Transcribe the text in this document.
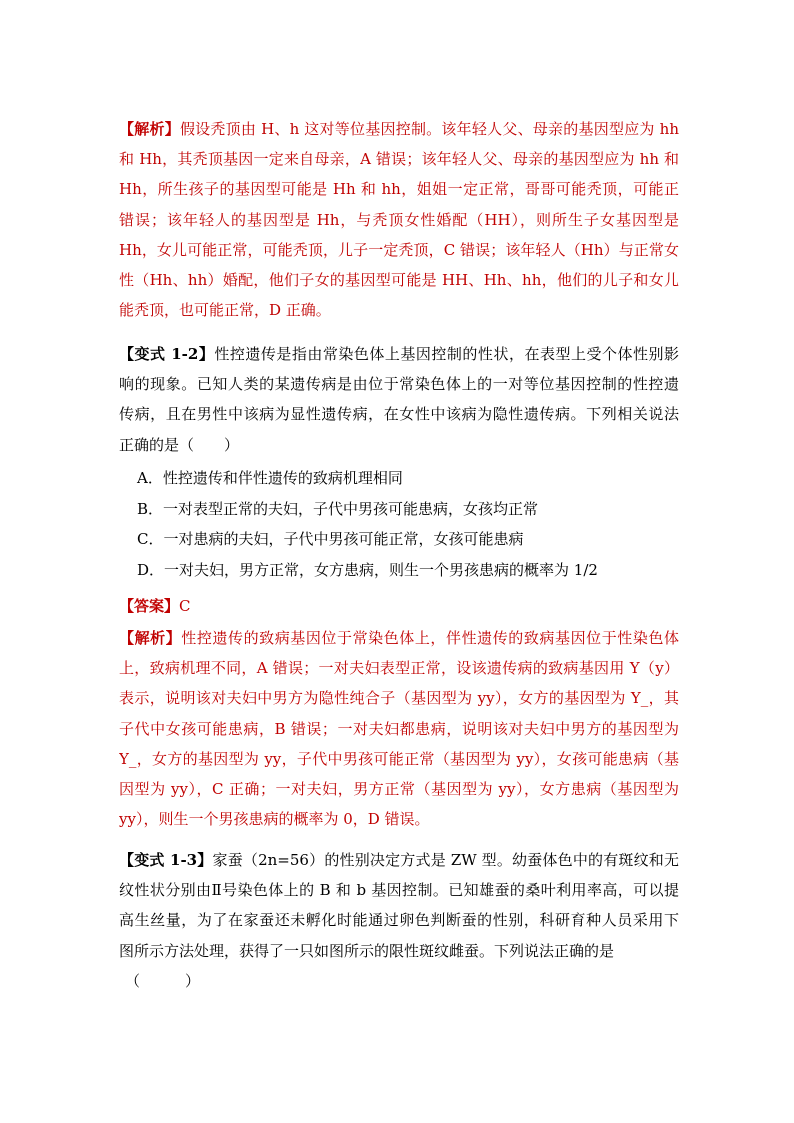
【解析】假设秃顶由 H、h 这对等位基因控制。该年轻人父、母亲的基因型应为 hh
和 Hh，其秃顶基因一定来自母亲，A 错误；该年轻人父、母亲的基因型应为 hh 和
Hh，所生孩子的基因型可能是 Hh 和 hh，姐姐一定正常，哥哥可能秃顶，可能正
错误；该年轻人的基因型是 Hh，与秃顶女性婚配（HH），则所生子女基因型是
Hh，女儿可能正常，可能秃顶，儿子一定秃顶，C 错误；该年轻人（Hh）与正常女
性（Hh、hh）婚配，他们子女的基因型可能是 HH、Hh、hh，他们的儿子和女儿
能秃顶，也可能正常，D 正确。
【变式 1-2】性控遗传是指由常染色体上基因控制的性状，在表型上受个体性别影
响的现象。已知人类的某遗传病是由位于常染色体上的一对等位基因控制的性控遗
传病，且在男性中该病为显性遗传病，在女性中该病为隐性遗传病。下列相关说法
正确的是（　　）
A．性控遗传和伴性遗传的致病机理相同
B．一对表型正常的夫妇，子代中男孩可能患病，女孩均正常
C．一对患病的夫妇，子代中男孩可能正常，女孩可能患病
D．一对夫妇，男方正常，女方患病，则生一个男孩患病的概率为 1/2
【答案】C
【解析】性控遗传的致病基因位于常染色体上，伴性遗传的致病基因位于性染色体
上，致病机理不同，A 错误；一对夫妇表型正常，设该遗传病的致病基因用 Y（y）
表示，说明该对夫妇中男方为隐性纯合子（基因型为 yy），女方的基因型为 Y_，其
子代中女孩可能患病，B 错误；一对夫妇都患病，说明该对夫妇中男方的基因型为
Y_，女方的基因型为 yy，子代中男孩可能正常（基因型为 yy），女孩可能患病（基
因型为 yy），C 正确；一对夫妇，男方正常（基因型为 yy），女方患病（基因型为
yy），则生一个男孩患病的概率为 0，D 错误。
【变式 1-3】家蚕（2n=56）的性别决定方式是 ZW 型。幼蚕体色中的有斑纹和无
纹性状分别由Ⅱ号染色体上的 B 和 b 基因控制。已知雄蚕的桑叶利用率高，可以提
高生丝量，为了在家蚕还未孵化时能通过卵色判断蚕的性别，科研育种人员采用下
图所示方法处理，获得了一只如图所示的限性斑纹雌蚕。下列说法正确的是
（　　　）
